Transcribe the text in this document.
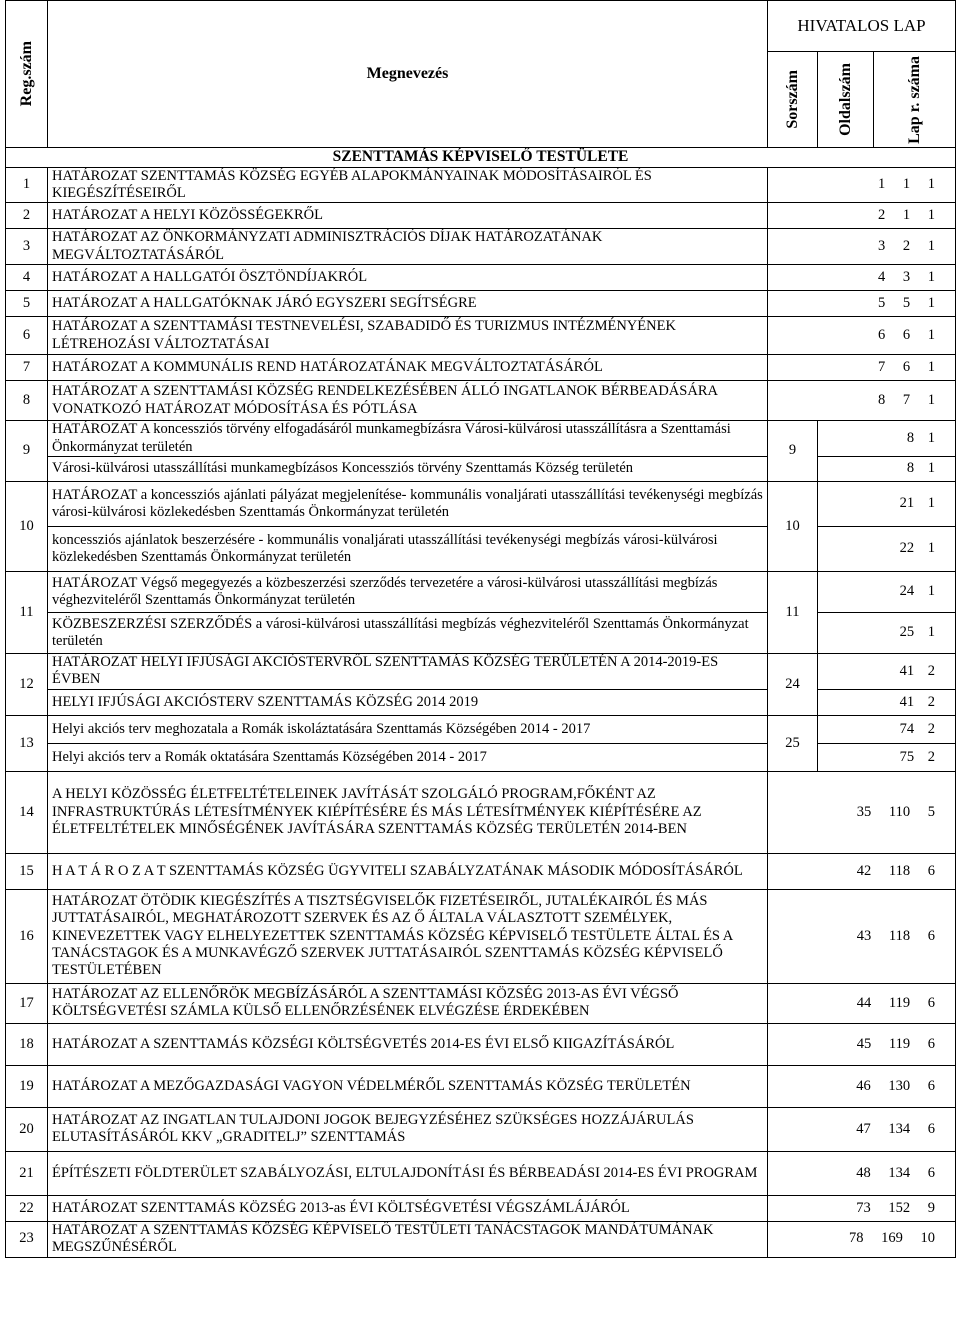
Reg.szám	Megnevezés	HIVATALOS LAP		

		Sorszám	Oldalszám	Lap r. száma

SZENTTAMÁS KÉPVISELŐ TESTÜLETE				
1	HATÁROZAT SZENTTAMÁS KÖZSÉG EGYÉB ALAPOKMÁNYAINAK MÓDOSÍTÁSAIRÓL ÉS KIEGÉSZÍTÉSEIRŐL	1 1 1		
2	HATÁROZAT A HELYI KÖZÖSSÉGEKRŐL	2 1 1		
3	HATÁROZAT AZ ÖNKORMÁNYZATI ADMINISZTRÁCIÓS DÍJAK HATÁROZATÁNAK MEGVÁLTOZTATÁSÁRÓL	3 2 1		
4	HATÁROZAT A HALLGATÓI ÖSZTÖNDÍJAKRÓL	4 3 1		
5	HATÁROZAT A HALLGATÓKNAK JÁRÓ EGYSZERI SEGÍTSÉGRE	5 5 1		
6	HATÁROZAT A SZENTTAMÁSI TESTNEVELÉSI, SZABADIDŐ ÉS TURIZMUS INTÉZMÉNYÉNEK LÉTREHOZÁSI VÁLTOZTATÁSAI	6 6 1		
7	HATÁROZAT A KOMMUNÁLIS REND HATÁROZATÁNAK MEGVÁLTOZTATÁSÁRÓL	7 6 1		
8	HATÁROZAT A SZENTTAMÁSI KÖZSÉG RENDELKEZÉSÉBEN ÁLLÓ INGATLANOK BÉRBEADÁSÁRA VONATKOZÓ HATÁROZAT MÓDOSÍTÁSA ÉS PÓTLÁSA	8 7 1		
9	HATÁROZAT A koncessziós törvény elfogadásáról munkamegbízásra Városi-külvárosi utasszállításra a Szenttamási Önkormányzat területén	9	8 1	
	Városi-külvárosi utasszállítási munkamegbízásos Koncessziós törvény Szenttamás Község területén		8 1	
10	HATÁROZAT a koncessziós ajánlati pályázat megjelenítése- kommunális vonaljárati utasszállítási tevékenységi megbízás városi-külvárosi közlekedésben Szenttamás Önkormányzat területén	10	21 1	
	koncessziós ajánlatok beszerzésére - kommunális vonaljárati utasszállítási tevékenységi megbízás városi-külvárosi közlekedésben Szenttamás Önkormányzat területén		22 1	
11	HATÁROZAT Végső megegyezés a közbeszerzési szerződés tervezetére a városi-külvárosi utasszállítási megbízás véghezviteléről Szenttamás Önkormányzat területén	11	24 1	
	KÖZBESZERZÉSI SZERZŐDÉS a városi-külvárosi utasszállítási megbízás véghezviteléről Szenttamás Önkormányzat területén		25 1	
12	HATÁROZAT HELYI IFJÚSÁGI AKCIÓSTERVRŐL SZENTTAMÁS KÖZSÉG TERÜLETÉN A 2014-2019-ES ÉVBEN	24	41 2	
	HELYI IFJÚSÁGI AKCIÓSTERV SZENTTAMÁS KÖZSÉG 2014 2019		41 2	
13	Helyi akciós terv meghozatala a Romák iskoláztatására Szenttamás Községében 2014 - 2017	25	74 2	
	Helyi akciós terv a Romák oktatására Szenttamás Községében 2014 - 2017		75 2	
14	A HELYI KÖZÖSSÉG ÉLETFELTÉTELEINEK JAVÍTÁSÁT SZOLGÁLÓ PROGRAM,FŐKÉNT AZ INFRASTRUKTÚRÁS LÉTESÍTMÉNYEK KIÉPÍTÉSÉRE ÉS MÁS LÉTESÍTMÉNYEK KIÉPÍTÉSÉRE AZ ÉLETFELTÉTELEK MINŐSÉGÉNEK JAVÍTÁSÁRA SZENTTAMÁS KÖZSÉG TERÜLETÉN 2014-BEN	35 110 5		
15	H A T Á R O Z A T SZENTTAMÁS KÖZSÉG ÜGYVITELI SZABÁLYZATÁNAK MÁSODIK MÓDOSÍTÁSÁRÓL	42 118 6		
16	HATÁROZAT ÖTÖDIK KIEGÉSZÍTÉS A TISZTSÉGVISELŐK FIZETÉSEIRŐL, JUTALÉKAIRÓL ÉS MÁS JUTTATÁSAIRÓL, MEGHATÁROZOTT SZERVEK ÉS AZ Ő ÁLTALA VÁLASZTOTT SZEMÉLYEK, KINEVEZETTEK VAGY ELHELYEZETTEK SZENTTAMÁS KÖZSÉG KÉPVISELŐ TESTÜLETE ÁLTAL ÉS A TANÁCSTAGOK ÉS A MUNKAVÉGZŐ SZERVEK JUTTATÁSAIRÓL SZENTTAMÁS KÖZSÉG KÉPVISELŐ TESTÜLETÉBEN	43 118 6		
17	HATÁROZAT AZ ELLENŐRÖK MEGBÍZÁSÁRÓL A SZENTTAMÁSI KÖZSÉG 2013-AS ÉVI VÉGSŐ KÖLTSÉGVETÉSI SZÁMLA KÜLSŐ ELLENŐRZÉSÉNEK ELVÉGZÉSE ÉRDEKÉBEN	44 119 6		
18	HATÁROZAT A SZENTTAMÁS KÖZSÉGI KÖLTSÉGVETÉS 2014-ES ÉVI ELSŐ KIIGAZÍTÁSÁRÓL	45 119 6		
19	HATÁROZAT A MEZŐGAZDASÁGI VAGYON VÉDELMÉRŐL SZENTTAMÁS KÖZSÉG TERÜLETÉN	46 130 6		
20	HATÁROZAT AZ INGATLAN TULAJDONI JOGOK BEJEGYZÉSÉHEZ SZÜKSÉGES HOZZÁJÁRULÁS ELUTASÍTÁSÁRÓL KKV „GRADITELJ” SZENTTAMÁS	47 134 6		
21	ÉPÍTÉSZETI FÖLDTERÜLET SZABÁLYOZÁSI, ELTULAJDONÍTÁSI ÉS BÉRBEADÁSI 2014-ES ÉVI PROGRAM	48 134 6		
22	HATÁROZAT SZENTTAMÁS KÖZSÉG 2013-as ÉVI KÖLTSÉGVETÉSI VÉGSZÁMLÁJÁRÓL	73 152 9		
23	HATÁROZAT A SZENTTAMÁS KÖZSÉG KÉPVISELŐ TESTÜLETI TANÁCSTAGOK MANDÁTUMÁNAK MEGSZŰNÉSÉRŐL	78 169 10		
